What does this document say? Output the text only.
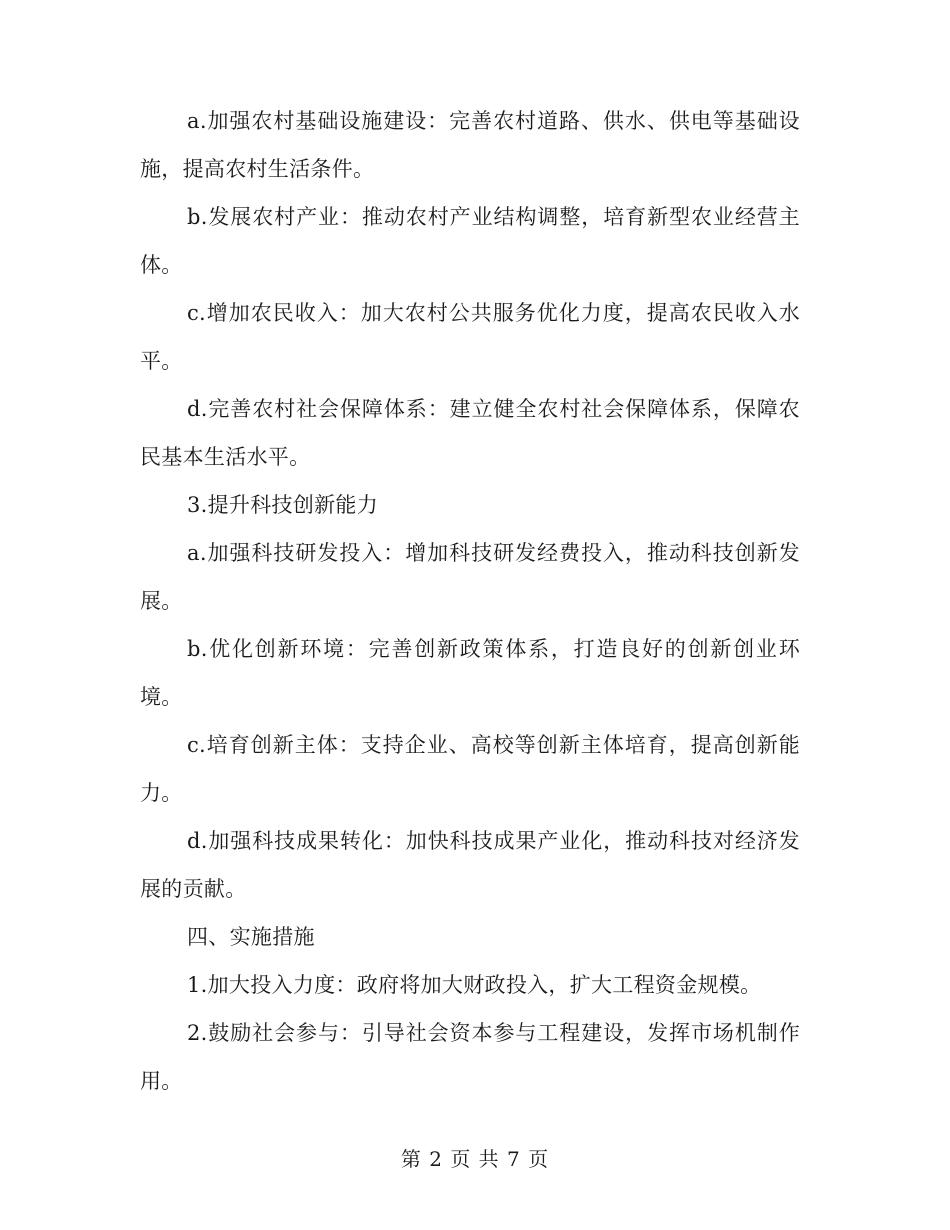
a.加强农村基础设施建设：完善农村道路、供水、供电等基础设施，提高农村生活条件。

b.发展农村产业：推动农村产业结构调整，培育新型农业经营主体。

c.增加农民收入：加大农村公共服务优化力度，提高农民收入水平。

d.完善农村社会保障体系：建立健全农村社会保障体系，保障农民基本生活水平。

3.提升科技创新能力

a.加强科技研发投入：增加科技研发经费投入，推动科技创新发展。

b.优化创新环境：完善创新政策体系，打造良好的创新创业环境。

c.培育创新主体：支持企业、高校等创新主体培育，提高创新能力。

d.加强科技成果转化：加快科技成果产业化，推动科技对经济发展的贡献。

四、实施措施

1.加大投入力度：政府将加大财政投入，扩大工程资金规模。

2.鼓励社会参与：引导社会资本参与工程建设，发挥市场机制作用。

第 2 页 共 7 页
